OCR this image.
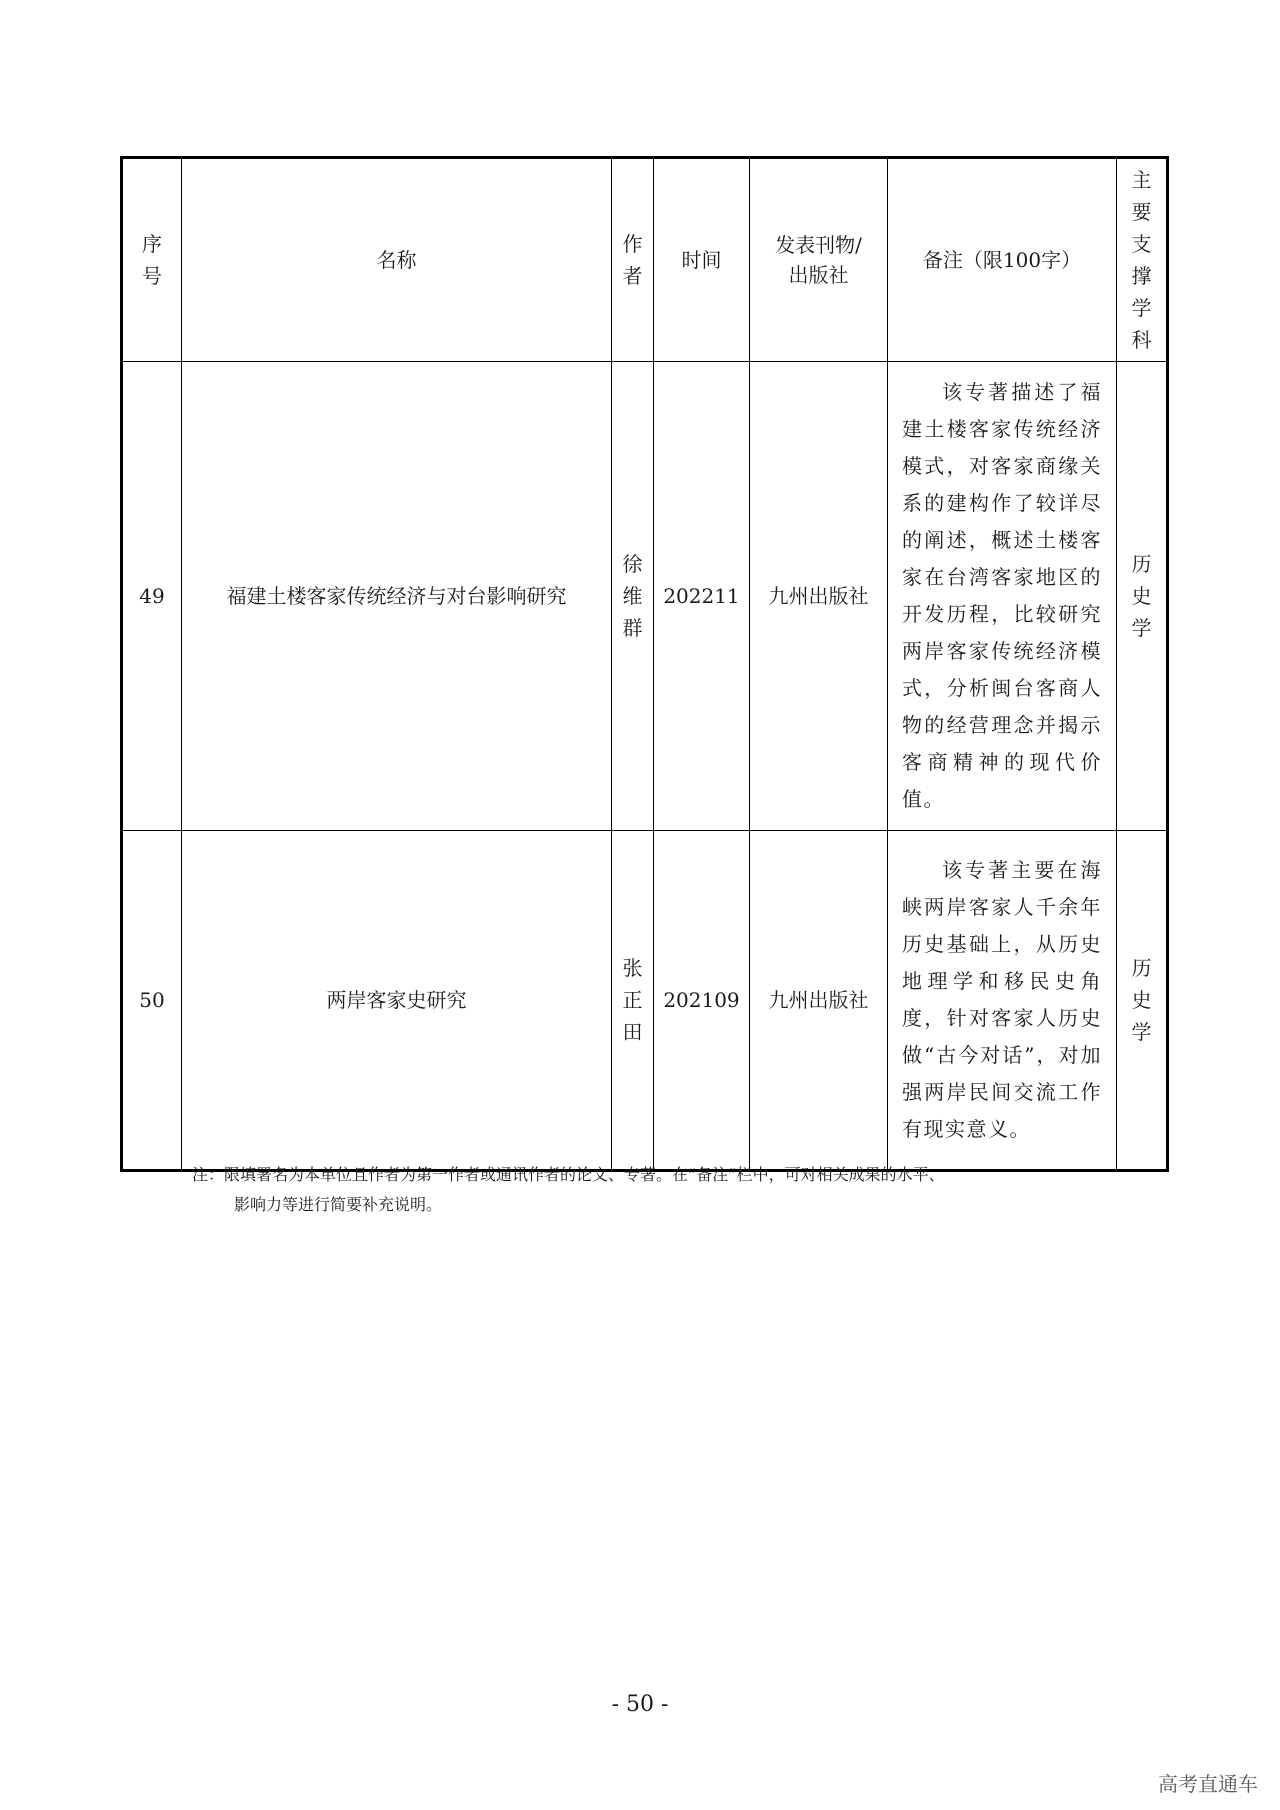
序号	名称	作者	时间	发表刊物/出版社	备注（限100字）	主要支撑学科
49	福建土楼客家传统经济与对台影响研究	徐维群	202211	九州出版社	该专著描述了福建土楼客家传统经济模式，对客家商缘关系的建构作了较详尽的阐述，概述土楼客家在台湾客家地区的开发历程，比较研究两岸客家传统经济模式，分析闽台客商人物的经营理念并揭示客商精神的现代价值。	历史学
50	两岸客家史研究	张正田	202109	九州出版社	该专著主要在海峡两岸客家人千余年历史基础上，从历史地理学和移民史角度，针对客家人历史做“古今对话”，对加强两岸民间交流工作有现实意义。	历史学
注：限填署名为本单位且作者为第一作者或通讯作者的论文、专著。在“备注”栏中，可对相关成果的水平、
影响力等进行简要补充说明。
- 50 -
高考直通车
